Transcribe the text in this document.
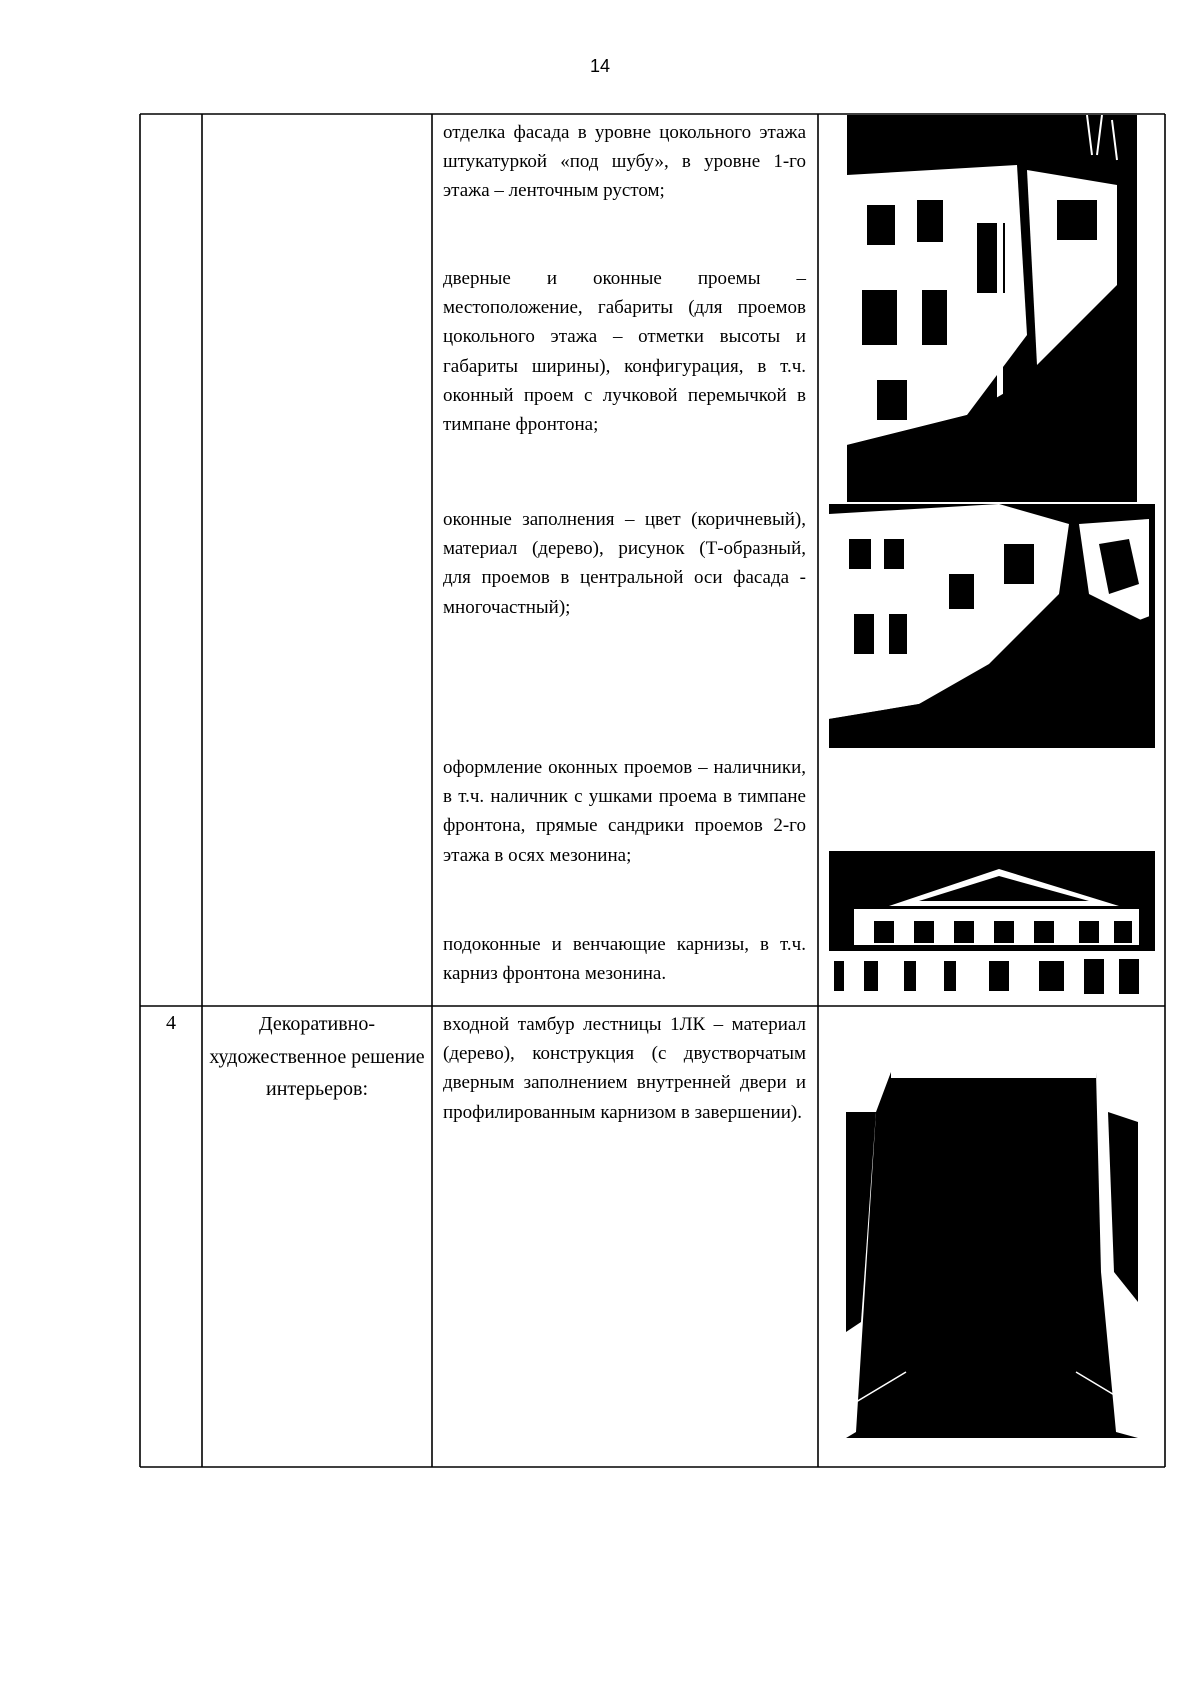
14

отделка фасада в уровне цокольного этажа штукатуркой «под шубу», в уровне 1-го этажа – ленточным рустом;

дверные и оконные проемы – местоположение, габариты (для проемов цокольного этажа – отметки высоты и габариты ширины), конфигурация, в т.ч. оконный проем с лучковой перемычкой в тимпане фронтона;

оконные заполнения – цвет (коричневый), материал (дерево), рисунок (Т-образный, для проемов в центральной оси фасада - многочастный);

оформление оконных проемов – наличники, в т.ч. наличник с ушками проема в тимпане фронтона, прямые сандрики проемов 2-го этажа в осях мезонина;

подоконные и венчающие карнизы, в т.ч. карниз фронтона мезонина.

4	Декоративно-художественное решение интерьеров:

входной тамбур лестницы 1ЛК – материал (дерево), конструкция (с двустворчатым дверным заполнением внутренней двери и профилированным карнизом в завершении).
